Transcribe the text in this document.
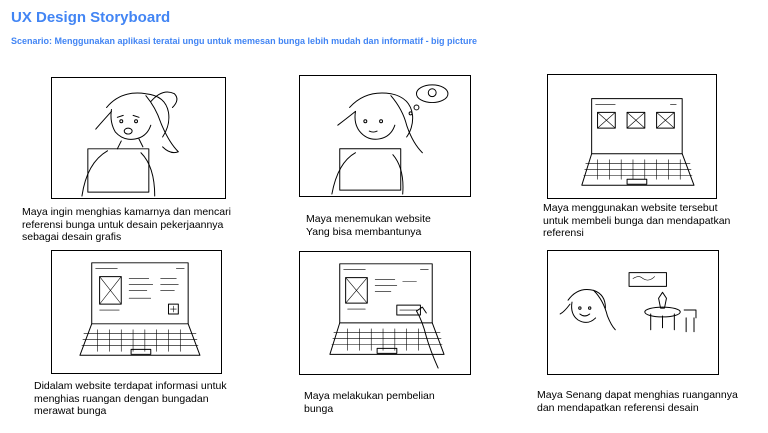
UX Design Storyboard

Scenario: Menggunakan aplikasi teratai ungu untuk memesan bunga lebih mudah dan informatif - big picture

Maya ingin menghias kamarnya dan mencari
referensi bunga untuk desain pekerjaannya
sebagai desain grafis

Maya menemukan website
Yang bisa membantunya

Maya menggunakan website tersebut
untuk membeli bunga dan mendapatkan
referensi

Didalam website terdapat informasi untuk
menghias ruangan dengan bungadan
merawat bunga

Maya melakukan pembelian
bunga

Maya Senang dapat menghias ruangannya
dan mendapatkan referensi desain
